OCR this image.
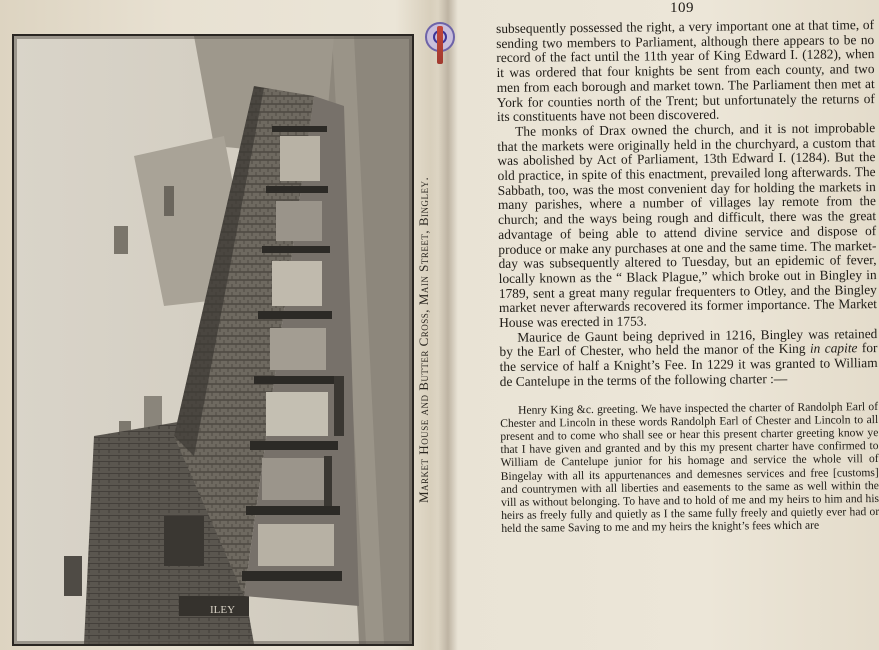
ILEY
Market House and Butter Cross, Main Street, Bingley.
109

subsequently possessed the right, a very important one at that time, of sending two members to Parliament, although there appears to be no record of the fact until the 11th year of King Edward I. (1282), when it was ordered that four knights be sent from each county, and two men from each borough and market town. The Parliament then met at York for counties north of the Trent; but unfortunately the returns of its constituents have not been discovered.

The monks of Drax owned the church, and it is not improbable that the markets were originally held in the churchyard, a custom that was abolished by Act of Parliament, 13th Edward I. (1284). But the old practice, in spite of this enactment, prevailed long afterwards. The Sabbath, too, was the most convenient day for holding the markets in many parishes, where a number of villages lay remote from the church; and the ways being rough and difficult, there was the great advantage of being able to attend divine service and dispose of produce or make any purchases at one and the same time. The market-day was subsequently altered to Tuesday, but an epidemic of fever, locally known as the “ Black Plague,” which broke out in Bingley in 1789, sent a great many regular frequenters to Otley, and the Bingley market never afterwards recovered its former importance. The Market House was erected in 1753.

Maurice de Gaunt being deprived in 1216, Bingley was retained by the Earl of Chester, who held the manor of the King in capite for the service of half a Knight’s Fee. In 1229 it was granted to William de Cantelupe in the terms of the following charter :—

Henry King &c. greeting. We have inspected the charter of Randolph Earl of Chester and Lincoln in these words Randolph Earl of Chester and Lincoln to all present and to come who shall see or hear this present charter greeting know ye that I have given and granted and by this my present charter have confirmed to William de Cantelupe junior for his homage and service the whole vill of Bingelay with all its appurtenances and demesnes services and free [customs] and countrymen with all liberties and easements to the same as well within the vill as without belonging. To have and to hold of me and my heirs to him and his heirs as freely fully and quietly as I the same fully freely and quietly ever had or held the same Saving to me and my heirs the knight’s fees which are
